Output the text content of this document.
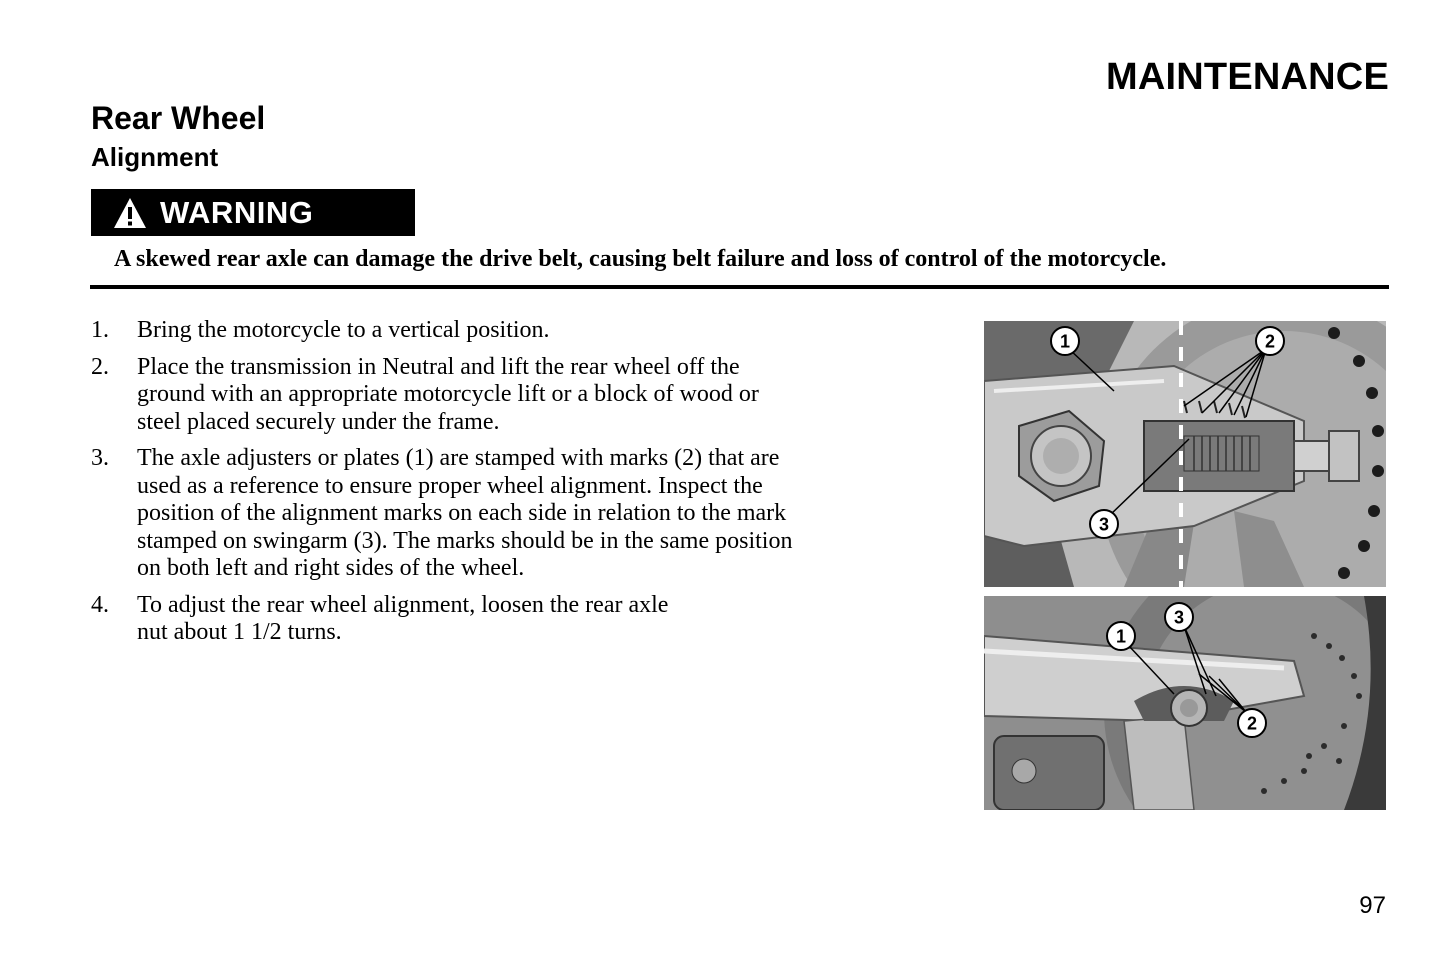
MAINTENANCE
Rear Wheel
Alignment
WARNING

A skewed rear axle can damage the drive belt, causing belt failure and loss of control of the motorcycle.

1.	Bring the motorcycle to a vertical position.
2.	Place the transmission in Neutral and lift the rear wheel off the
ground with an appropriate motorcycle lift or a block of wood or
steel placed securely under the frame.
3.	The axle adjusters or plates (1) are stamped with marks (2) that are
used as a reference to ensure proper wheel alignment. Inspect the
position of the alignment marks on each side in relation to the mark
stamped on swingarm (3). The marks should be in the same position
on both left and right sides of the wheel.
4.	To adjust the rear wheel alignment, loosen the rear axle
nut about 1 1/2 turns.
1	2
3
1
3
2

97
